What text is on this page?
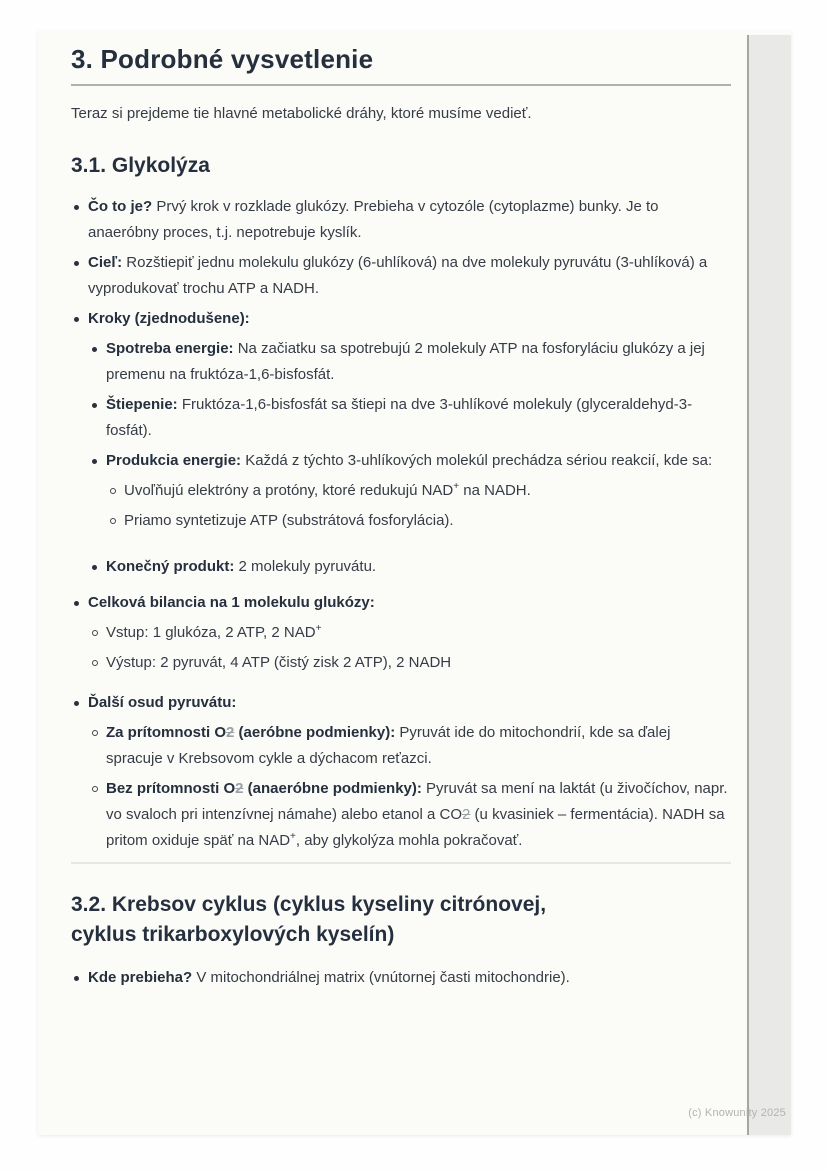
3. Podrobné vysvetlenie

Teraz si prejdeme tie hlavné metabolické dráhy, ktoré musíme vedieť.

3.1. Glykolýza
Čo to je? Prvý krok v rozklade glukózy. Prebieha v cytozóle (cytoplazme) bunky. Je to anaeróbny proces, t.j. nepotrebuje kyslík.
Cieľ: Rozštiepiť jednu molekulu glukózy (6-uhlíková) na dve molekuly pyruvátu (3-uhlíková) a vyprodukovať trochu ATP a NADH.
Kroky (zjednodušene):
Spotreba energie: Na začiatku sa spotrebujú 2 molekuly ATP na fosforyláciu glukózy a jej premenu na fruktóza-1,6-bisfosfát.
Štiepenie: Fruktóza-1,6-bisfosfát sa štiepi na dve 3-uhlíkové molekuly (glyceraldehyd-3-fosfát).
Produkcia energie: Každá z týchto 3-uhlíkových molekúl prechádza sériou reakcií, kde sa:
Uvoľňujú elektróny a protóny, ktoré redukujú NAD+ na NADH.
Priamo syntetizuje ATP (substrátová fosforylácia).
Konečný produkt: 2 molekuly pyruvátu.
Celková bilancia na 1 molekulu glukózy:
Vstup: 1 glukóza, 2 ATP, 2 NAD+
Výstup: 2 pyruvát, 4 ATP (čistý zisk 2 ATP), 2 NADH
Ďalší osud pyruvátu:
Za prítomnosti O2 (aeróbne podmienky): Pyruvát ide do mitochondrií, kde sa ďalej spracuje v Krebsovom cykle a dýchacom reťazci.
Bez prítomnosti O2 (anaeróbne podmienky): Pyruvát sa mení na laktát (u živočíchov, napr. vo svaloch pri intenzívnej námahe) alebo etanol a CO2 (u kvasiniek – fermentácia). NADH sa pritom oxiduje späť na NAD+, aby glykolýza mohla pokračovať.
3.2. Krebsov cyklus (cyklus kyseliny citrónovej,
cyklus trikarboxylových kyselín)
Kde prebieha? V mitochondriálnej matrix (vnútornej časti mitochondrie).
(c) Knowunity 2025
